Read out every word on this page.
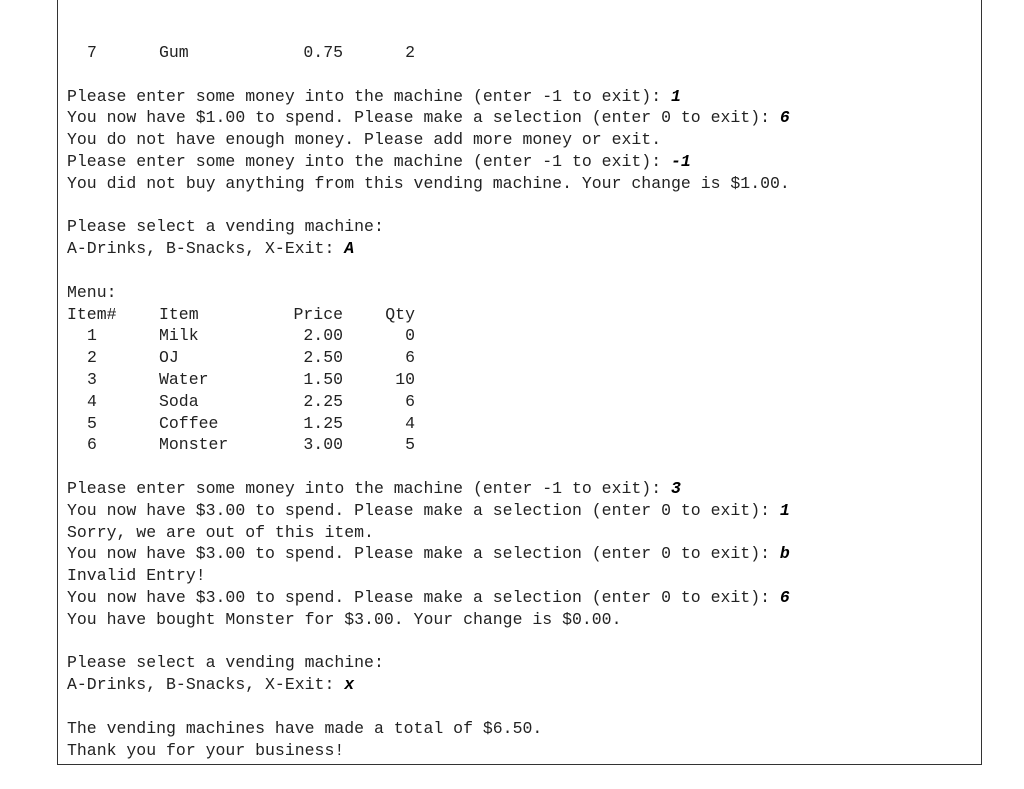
7	Gum	0.75	2
Please enter some money into the machine (enter -1 to exit): 1
You now have $1.00 to spend. Please make a selection (enter 0 to exit): 6
You do not have enough money. Please add more money or exit.
Please enter some money into the machine (enter -1 to exit): -1
You did not buy anything from this vending machine. Your change is $1.00.
Please select a vending machine:
A-Drinks, B-Snacks, X-Exit: A
Menu:
Item#	Item	Price	Qty
1	Milk	2.00	0
2	OJ	2.50	6
3	Water	1.50	10
4	Soda	2.25	6
5	Coffee	1.25	4
6	Monster	3.00	5
Please enter some money into the machine (enter -1 to exit): 3
You now have $3.00 to spend. Please make a selection (enter 0 to exit): 1
Sorry, we are out of this item.
You now have $3.00 to spend. Please make a selection (enter 0 to exit): b
Invalid Entry!
You now have $3.00 to spend. Please make a selection (enter 0 to exit): 6
You have bought Monster for $3.00. Your change is $0.00.
Please select a vending machine:
A-Drinks, B-Snacks, X-Exit: x
The vending machines have made a total of $6.50.
Thank you for your business!
